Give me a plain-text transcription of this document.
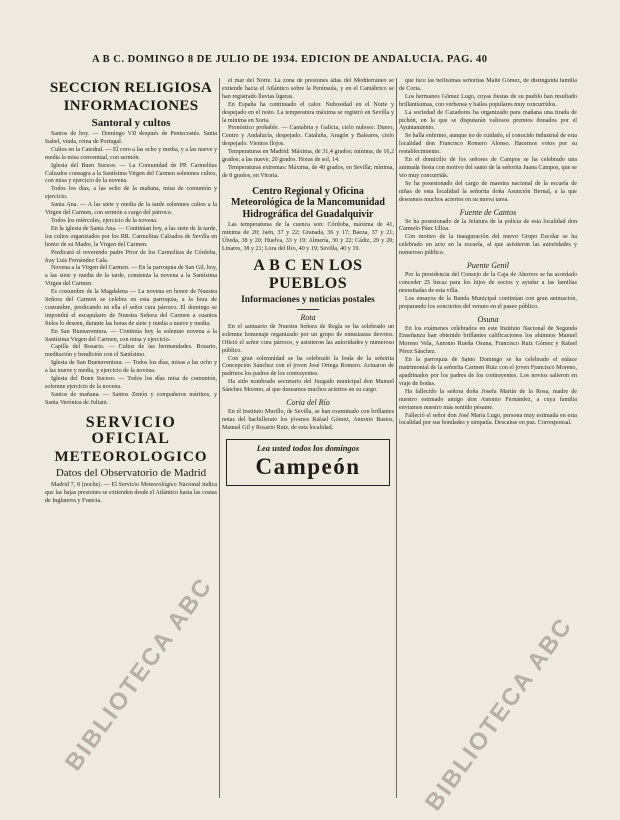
A B C. DOMINGO 8 DE JULIO DE 1934. EDICION DE ANDALUCIA. PAG. 40
SECCION RELIGIOSA
INFORMACIONES
Santoral y cultos

Santos de hoy. — Domingo VII después de Pentecostés. Santa Isabel, viuda, reina de Portugal.

Cultos en la Catedral. — El coro a las ocho y media, y a las nueve y media la misa conventual, con sermón.

Iglesia del Buen Suceso. — La Comunidad de PP. Carmelitas Calzados consagra a la Santísima Virgen del Carmen solemnes cultos, con misa y ejercicio de la novena.

Todos los días, a las ocho de la mañana, misa de comunión y ejercicio.

Santa Ana. — A las siete y media de la tarde solemnes cultos a la Virgen del Carmen, con sermón a cargo del párroco.

Todos los miércoles, ejercicio de la novena.

En la iglesia de Santa Ana. — Continúan hoy, a las siete de la tarde, los cultos organizados por los RR. Carmelitas Calzados de Sevilla en honor de su Madre, la Virgen del Carmen.

Predicará el reverendo padre Prior de los Carmelitas de Córdoba, fray Luis Fernández Cala.

Novena a la Virgen del Carmen. — En la parroquia de San Gil, hoy, a las siete y media de la tarde, comienza la novena a la Santísima Virgen del Carmen.

Es costumbre de la Magdalena — La novena en honor de Nuestra Señora del Carmen se celebra en esta parroquia, a la hora de costumbre, predicando en ella el señor cura párroco. El domingo se impondrá el escapulario de Nuestra Señora del Carmen a cuantos fieles lo deseen, durante las horas de siete y media a nueve y media.

En San Buenaventura. — Continúa hoy la solemne novena a la Santísima Virgen del Carmen, con misa y ejercicio.

Capilla del Rosario. — Cultos de las hermandades. Rosario, meditación y bendición con el Santísimo.

Iglesia de San Buenaventura. — Todos los días, misas a las ocho y a las nueve y media, y ejercicio de la novena.

Iglesia del Buen Suceso. — Todos los días misa de comunión, solemne ejercicio de la novena.

Santos de mañana. — Santos Zenón y compañeros mártires, y Santa Verónica de Juliani.

SERVICIO OFICIAL
METEOROLOGICO
Datos del Observatorio de Madrid

Madrid 7, 8 (noche). — El Servicio Meteorológico Nacional indica que las bajas presiones se extienden desde el Atlántico hasta las costas de Inglaterra y Francia.

el mar del Norte. La zona de presiones altas del Mediterráneo se extiende hacia el Atlántico sobre la Península, y en el Cantábrico se han registrado lluvias ligeras.

En España ha continuado el calor. Nubosidad en el Norte y despejado en el resto. La temperatura máxima se registró en Sevilla y la mínima en Soria.

Pronóstico probable. — Cantabria y Galicia, cielo nuboso. Duero, Centro y Andalucía, despejado. Cataluña, Aragón y Baleares, cielo despejado. Vientos flojos.

Temperaturas en Madrid: Máxima, de 31,4 grados; mínima, de 16,2 grados; a las nueve, 20 grados. Horas de sol, 14.

Temperaturas extremas: Máxima, de 40 grados, en Sevilla; mínima, de 8 grados, en Vitoria.

Centro Regional y Oficina Meteorológica de la Mancomunidad Hidrográfica del Guadalquivir

Las temperaturas de la cuenca son: Córdoba, máxima de 41, mínima de 20; Jaén, 37 y 22; Granada, 36 y 17; Baeza, 37 y 21; Úbeda, 38 y 20; Huelva, 33 y 19; Almería, 30 y 22; Cádiz, 29 y 20; Linares, 38 y 21; Lora del Río, 40 y 19; Sevilla, 40 y 19.

A B C EN LOS PUEBLOS
Informaciones y noticias postales
Rota

En el santuario de Nuestra Señora de Regla se ha celebrado un solemne homenaje organizado por un grupo de entusiastas devotos. Ofició el señor cura párroco, y asistieron las autoridades y numeroso público.

Con gran solemnidad se ha celebrado la boda de la señorita Concepción Sánchez con el joven José Ortega Romero. Actuaron de padrinos los padres de los contrayentes.

Ha sido nombrado secretario del Juzgado municipal don Manuel Sánchez Moreno, al que deseamos muchos aciertos en su cargo.

Coria del Río

En el Instituto Murillo, de Sevilla, se han examinado con brillantes notas del bachillerato los jóvenes Rafael Gómez, Antonio Bastos, Manuel Gil y Rosario Ruiz, de esta localidad.

Lea usted todos los domingos
Campeón

que luce las bellísimas señoritas Maité Gómez, de distinguida familia de Coria.

Los hermanos Gómez Lugo, cuyas fiestas de su pueblo han resultado brillantísimas, con verbenas y bailes populares muy concurridos.

La sociedad de Cazadores ha organizado para mañana una tirada de pichón, en la que se disputarán valiosos premios donados por el Ayuntamiento.

Se halla enfermo, aunque no de cuidado, el conocido industrial de esta localidad don Francisco Romero Alonso. Hacemos votos por su restablecimiento.

En el domicilio de los señores de Campos se ha celebrado una animada fiesta con motivo del santo de la señorita Juana Campos, que se vio muy concurrida.

Se ha posesionado del cargo de maestra nacional de la escuela de niñas de esta localidad la señorita doña Asunción Bernal, a la que deseamos muchos aciertos en su nueva tarea.

Fuente de Cantos

Se ha posesionado de la Jefatura de la policía de esta localidad don Carmelo Páez Ulloa.

Con motivo de la inauguración del nuevo Grupo Escolar se ha celebrado un acto en la escuela, al que asistieron las autoridades y numeroso público.

Puente Genil

Por la presidencia del Consejo de la Caja de Ahorros se ha acordado conceder 25 becas para los hijos de socios y ayudar a las familias necesitadas de esta villa.

Los ensayos de la Banda Municipal continúan con gran animación, preparando los conciertos del verano en el paseo público.

Osuna

En los exámenes celebrados en este Instituto Nacional de Segunda Enseñanza han obtenido brillantes calificaciones los alumnos Manuel Moreno Vela, Antonio Rueda Osuna, Francisco Ruiz Gómez y Rafael Pérez Sánchez.

En la parroquia de Santo Domingo se ha celebrado el enlace matrimonial de la señorita Carmen Ruiz con el joven Francisco Moreno, apadrinados por los padres de los contrayentes. Los novios salieron en viaje de bodas.

Ha fallecido la señora doña Josefa Martín de la Rosa, madre de nuestro estimado amigo don Antonio Fernández, a cuya familia enviamos nuestro más sentido pésame.

Falleció el señor don José María Lugo, persona muy estimada en esta localidad por sus bondades y simpatía. Descanse en paz. Corresponsal.

BIBLIOTECA ABC	BIBLIOTECA ABC
